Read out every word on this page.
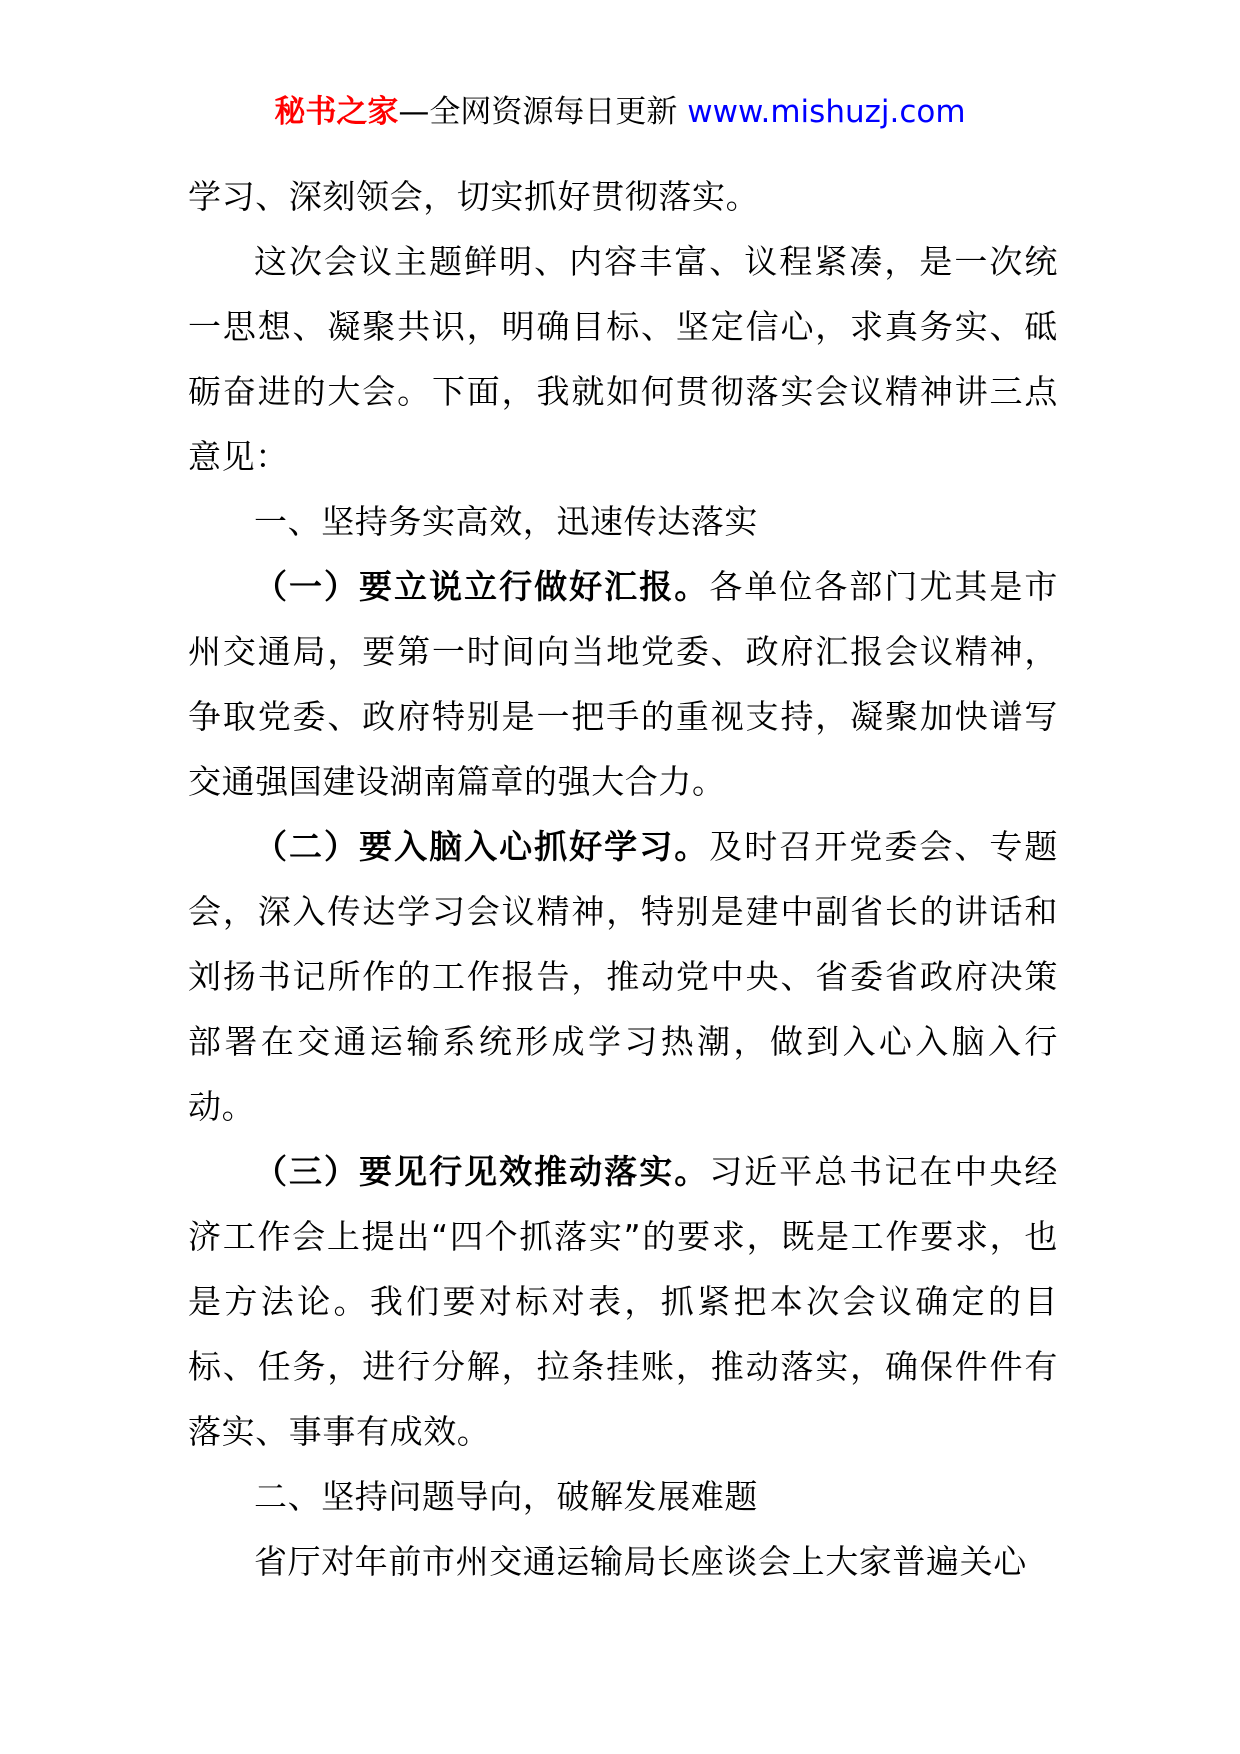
秘书之家—全网资源每日更新 www.mishuzj.com

学习、深刻领会，切实抓好贯彻落实。

这次会议主题鲜明、内容丰富、议程紧凑，是一次统一思想、凝聚共识，明确目标、坚定信心，求真务实、砥砺奋进的大会。下面，我就如何贯彻落实会议精神讲三点意见：

一、坚持务实高效，迅速传达落实

（一）要立说立行做好汇报。各单位各部门尤其是市州交通局，要第一时间向当地党委、政府汇报会议精神，争取党委、政府特别是一把手的重视支持，凝聚加快谱写交通强国建设湖南篇章的强大合力。

（二）要入脑入心抓好学习。及时召开党委会、专题会，深入传达学习会议精神，特别是建中副省长的讲话和刘扬书记所作的工作报告，推动党中央、省委省政府决策部署在交通运输系统形成学习热潮，做到入心入脑入行动。

（三）要见行见效推动落实。习近平总书记在中央经济工作会上提出“四个抓落实”的要求，既是工作要求，也是方法论。我们要对标对表，抓紧把本次会议确定的目标、任务，进行分解，拉条挂账，推动落实，确保件件有落实、事事有成效。

二、坚持问题导向，破解发展难题

省厅对年前市州交通运输局长座谈会上大家普遍关心
